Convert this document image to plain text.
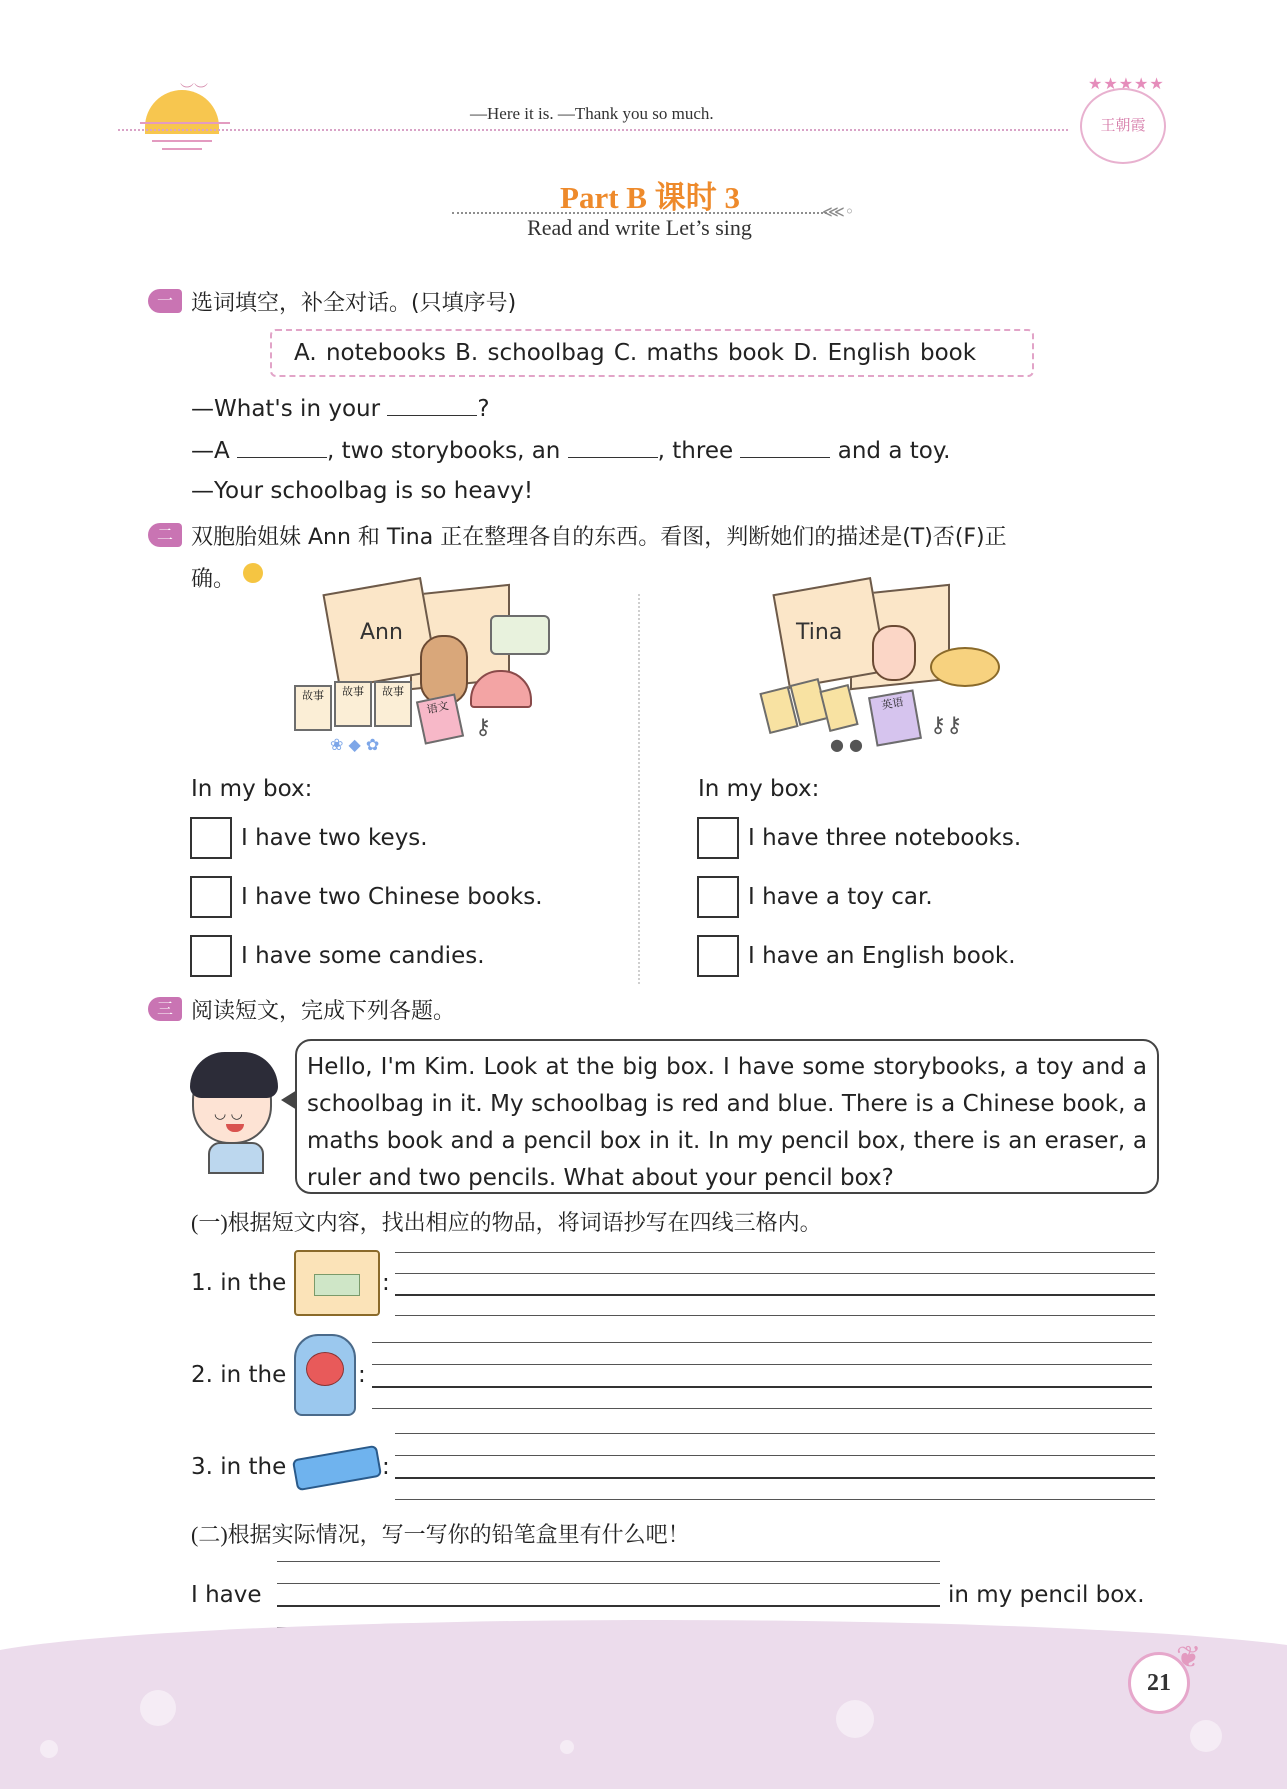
︶︶
—Here it is. —Thank you so much.
★★★★★
王朝霞
Part B 课时 3	⋘◦
Read and write Let’s sing
一 选词填空，补全对话。(只填序号)
A. notebooks B. schoolbag C. maths book D. English book
—What's in your	?
—A	, two storybooks, an	, three	and a toy.
—Your schoolbag is so heavy!
二 双胞胎姐妹 Ann 和 Tina 正在整理各自的东西。看图，判断她们的描述是(T)否(F)正
确。
Ann
故事	故事	故事
语文
❀ ◆ ✿
⚷
Tina
英语
● ●
⚷⚷
In my box:
I have two keys.
I have two Chinese books.
I have some candies.
In my box:
I have three notebooks.
I have a toy car.
I have an English book.
三 阅读短文，完成下列各题。
◡ ◡
Hello, I'm Kim. Look at the big box. I have some storybooks, a toy and a schoolbag in it. My schoolbag is red and blue. There is a Chinese book, a maths book and a pencil box in it. In my pencil box, there is an eraser, a ruler and two pencils. What about your pencil box?
(一)根据短文内容，找出相应的物品，将词语抄写在四线三格内。
1. in the	:
2. in the	:
3. in the	:
(二)根据实际情况，写一写你的铅笔盒里有什么吧！
I have	in my pencil box.
21
❦
